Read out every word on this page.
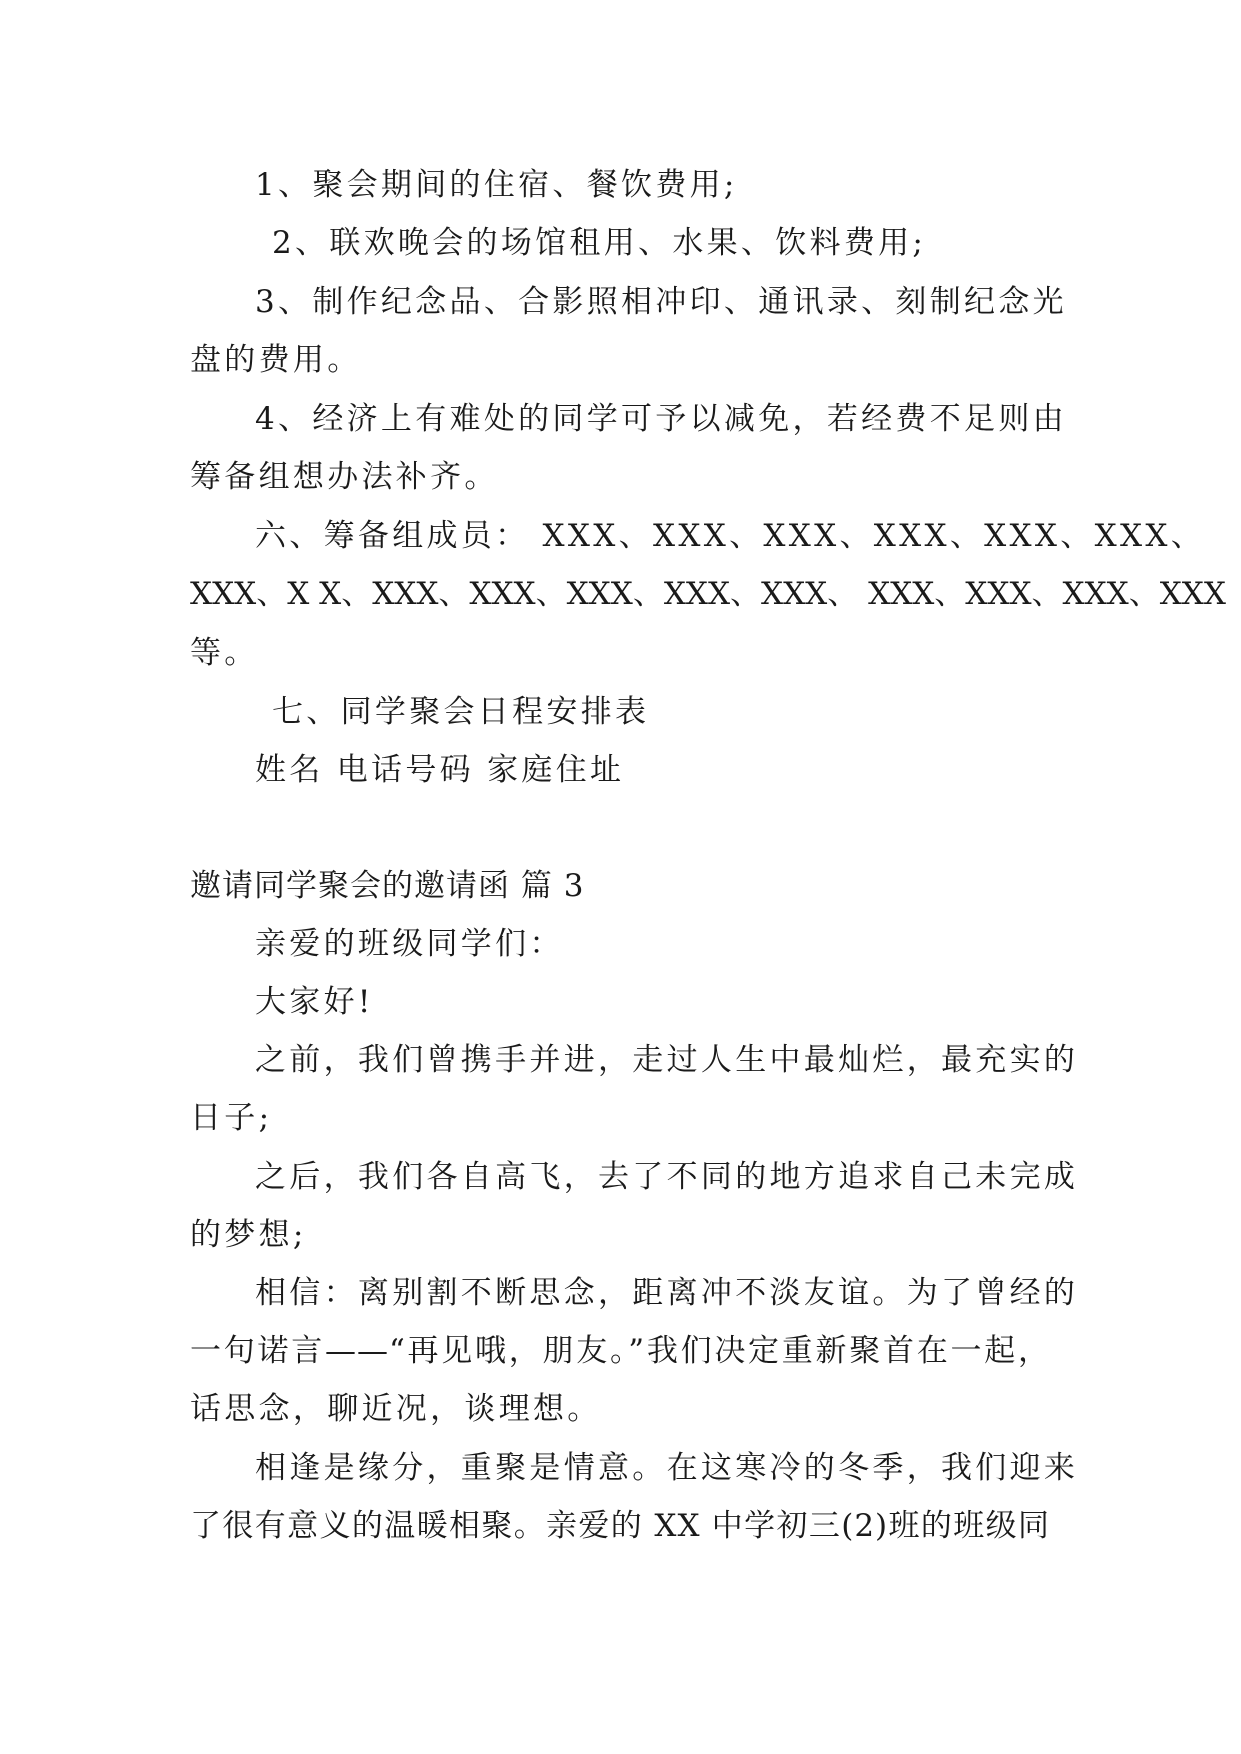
1、聚会期间的住宿、餐饮费用;
2、联欢晚会的场馆租用、水果、饮料费用;
3、制作纪念品、合影照相冲印、通讯录、刻制纪念光
盘的费用。
4、经济上有难处的同学可予以减免，若经费不足则由
筹备组想办法补齐。
六、筹备组成员： XXX、XXX、XXX、XXX、XXX、XXX、
XXX、X X、XXX、XXX、XXX、XXX、XXX、 XXX、XXX、XXX、XXX
等。
七、同学聚会日程安排表
姓名 电话号码 家庭住址
邀请同学聚会的邀请函 篇 3
亲爱的班级同学们：
大家好!
之前，我们曾携手并进，走过人生中最灿烂，最充实的
日子;
之后，我们各自高飞，去了不同的地方追求自己未完成
的梦想;
相信：离别割不断思念，距离冲不淡友谊。为了曾经的
一句诺言——“再见哦，朋友。”我们决定重新聚首在一起，
话思念，聊近况，谈理想。
相逢是缘分，重聚是情意。在这寒冷的冬季，我们迎来
了很有意义的温暖相聚。亲爱的 XX 中学初三(2)班的班级同
